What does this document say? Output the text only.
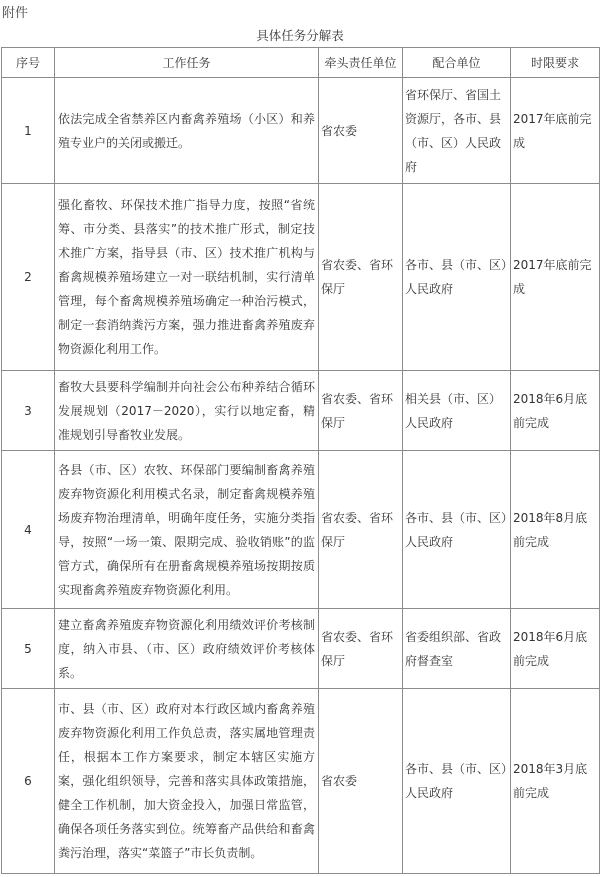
附件
具体任务分解表
序号	工作任务	牵头责任单位	配合单位	时限要求
1	依法完成全省禁养区内畜禽养殖场（小区）和养殖专业户的关闭或搬迁。	省农委	省环保厅、省国土资源厅，各市、县（市、区）人民政府	2017年底前完成
2	强化畜牧、环保技术推广指导力度，按照“省统筹、市分类、县落实”的技术推广形式，制定技术推广方案，指导县（市、区）技术推广机构与畜禽规模养殖场建立一对一联结机制，实行清单管理，每个畜禽规模养殖场确定一种治污模式，制定一套消纳粪污方案，强力推进畜禽养殖废弃物资源化利用工作。	省农委、省环保厅	各市、县（市、区）人民政府	2017年底前完成
3	畜牧大县要科学编制并向社会公布种养结合循环发展规划（2017－2020），实行以地定畜，精准规划引导畜牧业发展。	省农委、省环保厅	相关县（市、区）人民政府	2018年6月底前完成
4	各县（市、区）农牧、环保部门要编制畜禽养殖废弃物资源化利用模式名录，制定畜禽规模养殖场废弃物治理清单，明确年度任务，实施分类指导，按照“一场一策、限期完成、验收销账”的监管方式，确保所有在册畜禽规模养殖场按期按质实现畜禽养殖废弃物资源化利用。	省农委、省环保厅	各市、县（市、区）人民政府	2018年8月底前完成
5	建立畜禽养殖废弃物资源化利用绩效评价考核制度，纳入市县、（市、区）政府绩效评价考核体系。	省农委、省环保厅	省委组织部、省政府督查室	2018年6月底前完成
6	市、县（市、区）政府对本行政区域内畜禽养殖废弃物资源化利用工作负总责，落实属地管理责任，根据本工作方案要求，制定本辖区实施方案，强化组织领导，完善和落实具体政策措施，健全工作机制，加大资金投入，加强日常监管，确保各项任务落实到位。统筹畜产品供给和畜禽粪污治理，落实“菜篮子”市长负责制。	省农委	各市、县（市、区）人民政府	2018年3月底前完成
